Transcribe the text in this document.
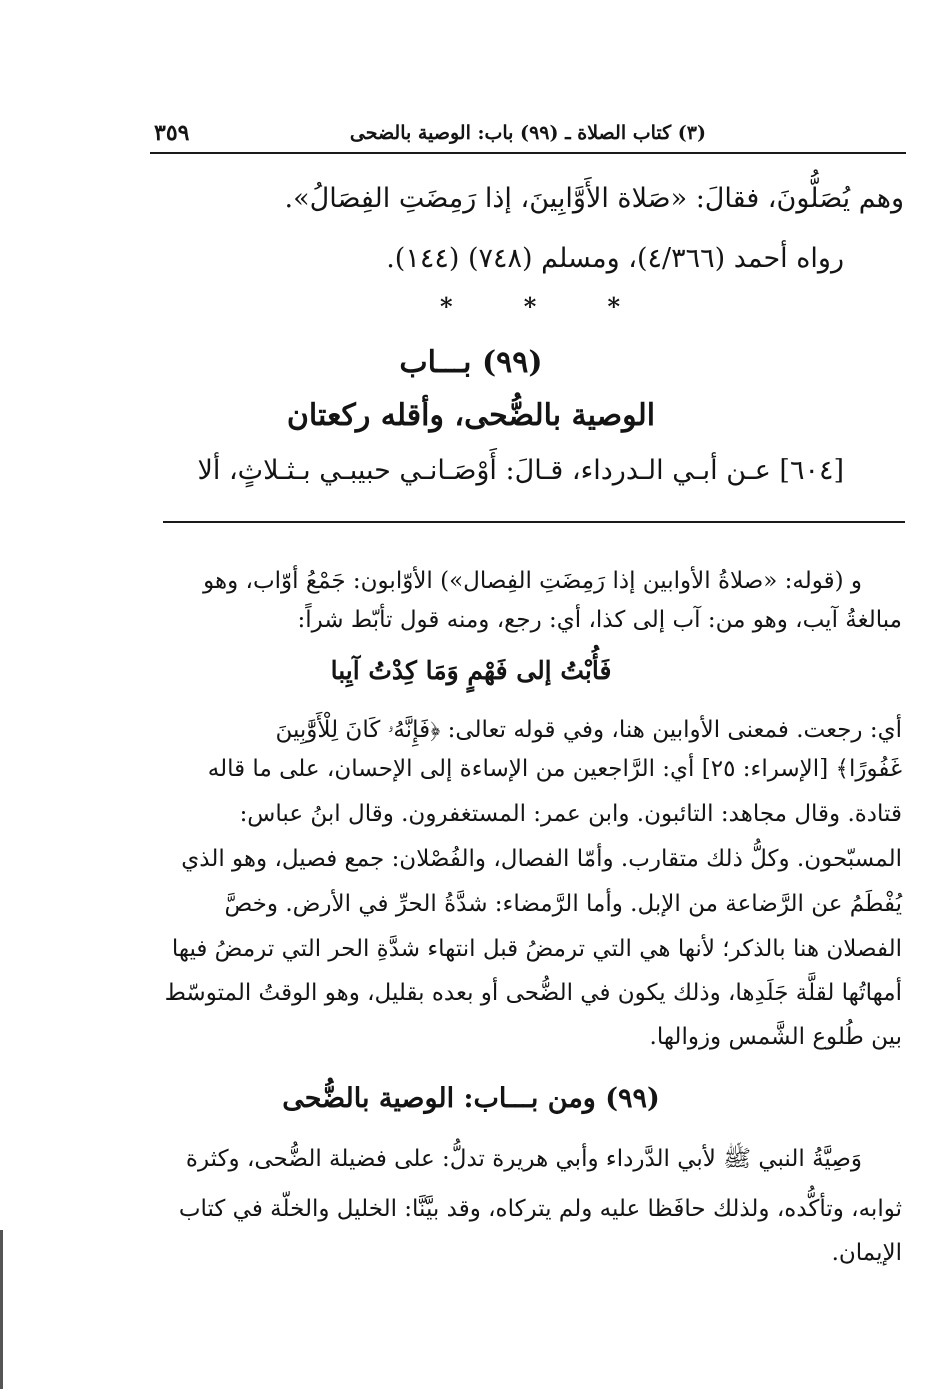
٣٥٩	(٣) كتاب الصلاة ـ (٩٩) باب: الوصية بالضحى
وهم يُصَلُّونَ، فقالَ: «صَلاة الأَوَّابِينَ، إذا رَمِضَتِ الفِصَالُ».
رواه أحمد (٤/٣٦٦)، ومسلم (٧٤٨) (١٤٤).
*	*	*
(٩٩) بـــاب
الوصية بالضُّحى، وأقله ركعتان
[٦٠٤] عـن أبـي الـدرداء، قـالَ: أَوْصَـانـي حبيبـي بـثـلاثٍ، ألا
و (قوله: «صلاةُ الأوابين إذا رَمِضَتِ الفِصال») الأوّابون: جَمْعُ أوّاب، وهو
مبالغةُ آيب، وهو من: آب إلى كذا، أي: رجع، ومنه قول تأبّط شراً:
فَأُبْتُ إلى فَهْمٍ وَمَا كِدْتُ آيِبا
أي: رجعت. فمعنى الأوابين هنا، وفي قوله تعالى: ﴿فَإِنَّهُۥ كَانَ لِلْأَوَّٰبِينَ
غَفُورًا﴾ [الإسراء: ٢٥] أي: الرَّاجعين من الإساءة إلى الإحسان، على ما قاله
قتادة. وقال مجاهد: التائبون. وابن عمر: المستغفرون. وقال ابنُ عباس:
المسبّحون. وكلُّ ذلك متقارب. وأمّا الفصال، والفُصْلان: جمع فصيل، وهو الذي
يُفْطَمُ عن الرَّضاعة من الإبل. وأما الرَّمضاء: شدَّةُ الحرِّ في الأرض. وخصَّ
الفصلان هنا بالذكر؛ لأنها هي التي ترمضُ قبل انتهاء شدَّةِ الحر التي ترمضُ فيها
أمهاتُها لقلَّة جَلَدِها، وذلك يكون في الضُّحى أو بعده بقليل، وهو الوقتُ المتوسّط
بين طُلوع الشَّمس وزوالها.
(٩٩) ومن بـــاب: الوصية بالضُّحى
وَصِيَّةُ النبي ﷺ لأبي الدَّرداء وأبي هريرة تدلُّ: على فضيلة الضُّحى، وكثرة
ثوابه، وتأكُّده، ولذلك حافَظا عليه ولم يتركاه، وقد بيَّنَّا: الخليل والخلّة في كتاب
الإيمان.
